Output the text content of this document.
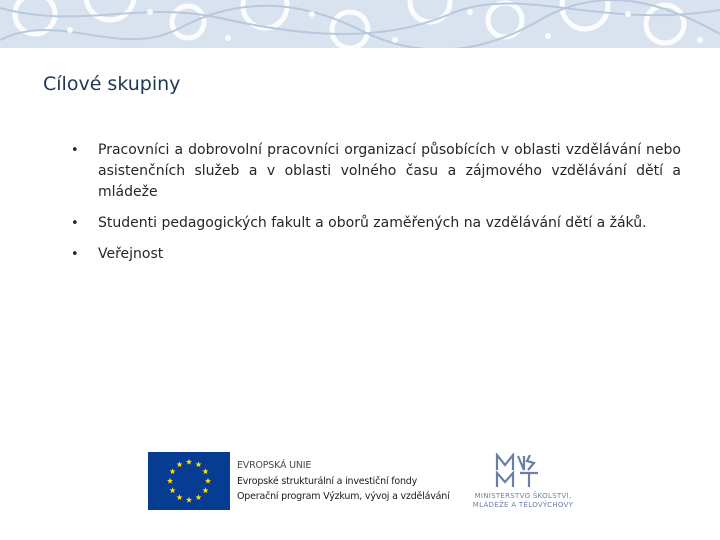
Cílové skupiny
• Pracovníci a dobrovolní pracovníci organizací působících v oblasti vzdělávání nebo asistenčních služeb a v oblasti volného času a zájmového vzdělávání dětí a mládeže
• Studenti pedagogických fakult a oborů zaměřených na vzdělávání dětí a žáků.
• Veřejnost
EVROPSKÁ UNIE
Evropské strukturální a investiční fondy
Operační program Výzkum, vývoj a vzdělávání	MINISTERSTVO ŠKOLSTVÍ,
MLÁDEŽE A TĚLOVÝCHOVY
